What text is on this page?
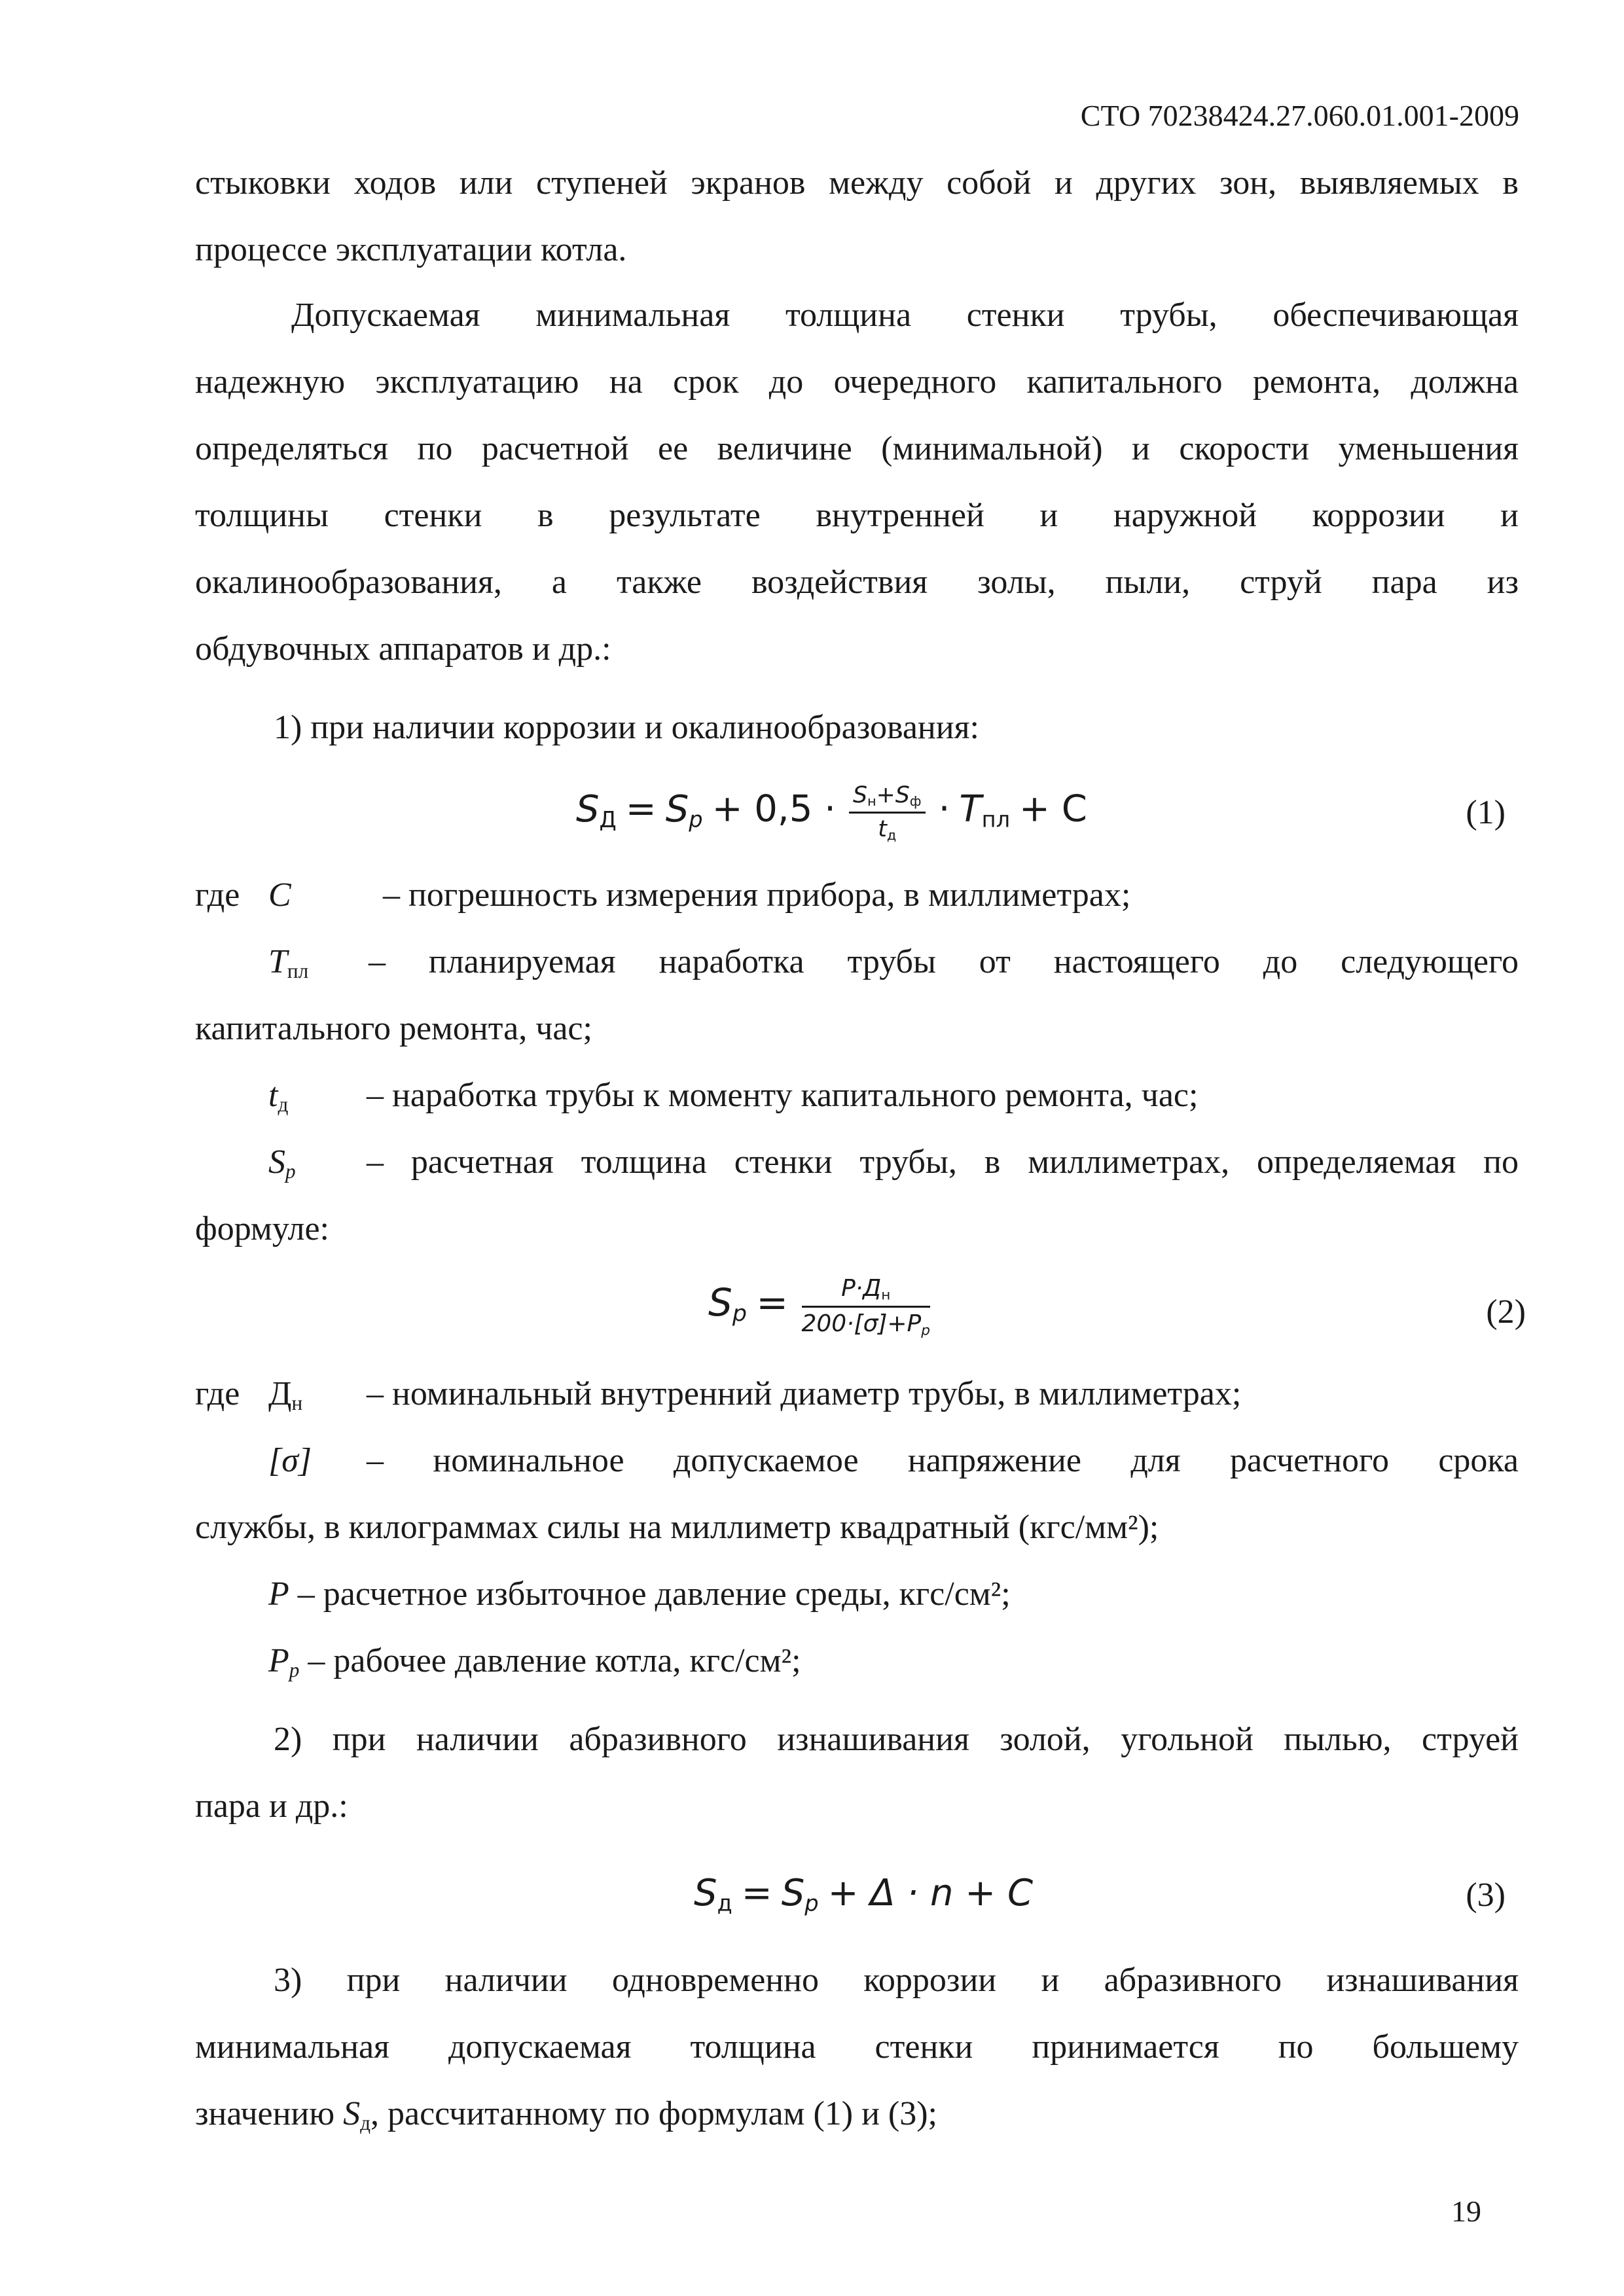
СТО 70238424.27.060.01.001-2009
стыковки ходов или ступеней экранов между собой и других зон, выявляемых в
процессе эксплуатации котла.
Допускаемая минимальная толщина стенки трубы, обеспечивающая
надежную эксплуатацию на срок до очередного капитального ремонта, должна
определяться по расчетной ее величине (минимальной) и скорости уменьшения
толщины стенки в результате внутренней и наружной коррозии и
окалинообразования, а также воздействия золы, пыли, струй пара из
обдувочных аппаратов и др.:
1) при наличии коррозии и окалинообразования:
$S_Д = S_p + 0,5 \cdot \frac{S_н+S_ф}{t_д} \cdot T_{пл} + C$	(1)
где C	– погрешность измерения прибора, в миллиметрах;
$T_{пл}$ – планируемая наработка трубы от настоящего до следующего
капитального ремонта, час;
$t_д$ – наработка трубы к моменту капитального ремонта, час;
$S_p$ – расчетная толщина стенки трубы, в миллиметрах, определяемая по
формуле:
$S_p = \frac{P\cdot Д_н}{200\cdot[\sigma]+P_p}$	(2)
где $Д_н$ – номинальный внутренний диаметр трубы, в миллиметрах;
[σ] – номинальное допускаемое напряжение для расчетного срока
службы, в килограммах силы на миллиметр квадратный (кгс/мм²);
P – расчетное избыточное давление среды, кгс/см²;
$P_p$ – рабочее давление котла, кгс/см²;
2) при наличии абразивного изнашивания золой, угольной пылью, струей
пара и др.:
$S_д = S_p + \Delta \cdot n + C$	(3)
3) при наличии одновременно коррозии и абразивного изнашивания
минимальная допускаемая толщина стенки принимается по большему
значению $S_д$, рассчитанному по формулам (1) и (3);
19
